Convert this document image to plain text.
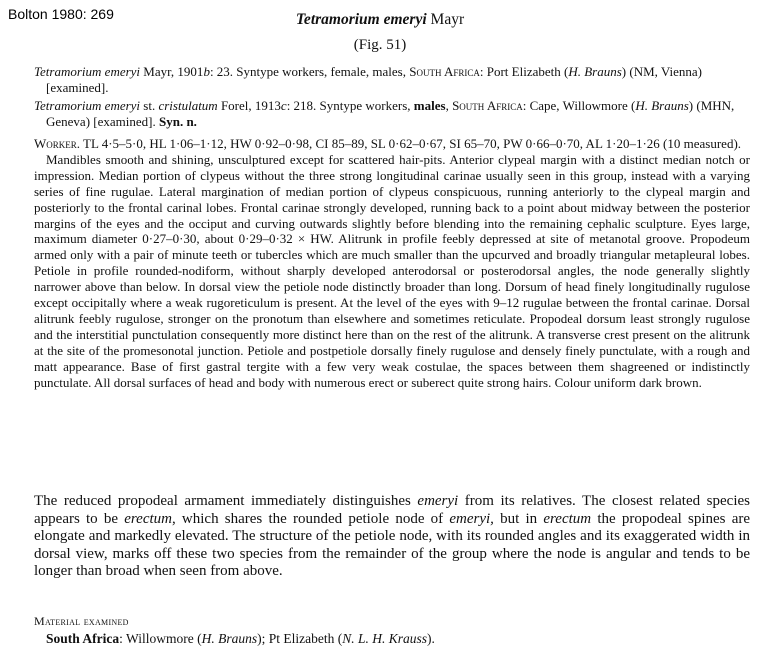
Bolton 1980: 269	Tetramorium emeryi Mayr
(Fig. 51)

Tetramorium emeryi Mayr, 1901b: 23. Syntype workers, female, males, South Africa: Port Elizabeth (H. Brauns) (NM, Vienna) [examined].

Tetramorium emeryi st. cristulatum Forel, 1913c: 218. Syntype workers, males, South Africa: Cape, Willowmore (H. Brauns) (MHN, Geneva) [examined]. Syn. n.

Worker. TL 4·5–5·0, HL 1·06–1·12, HW 0·92–0·98, CI 85–89, SL 0·62–0·67, SI 65–70, PW 0·66–0·70, AL 1·20–1·26 (10 measured).

Mandibles smooth and shining, unsculptured except for scattered hair-pits. Anterior clypeal margin with a distinct median notch or impression. Median portion of clypeus without the three strong longitudinal carinae usually seen in this group, instead with a varying series of fine rugulae. Lateral margination of median portion of clypeus conspicuous, running anteriorly to the clypeal margin and posteriorly to the frontal carinal lobes. Frontal carinae strongly developed, running back to a point about midway between the posterior margins of the eyes and the occiput and curving outwards slightly before blending into the remaining cephalic sculpture. Eyes large, maximum diameter 0·27–0·30, about 0·29–0·32 × HW. Alitrunk in profile feebly depressed at site of metanotal groove. Propodeum armed only with a pair of minute teeth or tubercles which are much smaller than the upcurved and broadly triangular metapleural lobes. Petiole in profile rounded-nodiform, without sharply developed anterodorsal or posterodorsal angles, the node generally slightly narrower above than below. In dorsal view the petiole node distinctly broader than long. Dorsum of head finely longitudinally rugulose except occipitally where a weak rugoreticulum is present. At the level of the eyes with 9–12 rugulae between the frontal carinae. Dorsal alitrunk feebly rugulose, stronger on the pronotum than elsewhere and sometimes reticulate. Propodeal dorsum least strongly rugulose and the interstitial punctulation consequently more distinct here than on the rest of the alitrunk. A transverse crest present on the alitrunk at the site of the promesonotal junction. Petiole and postpetiole dorsally finely rugulose and densely finely punctulate, with a rough and matt appearance. Base of first gastral tergite with a few very weak costulae, the spaces between them shagreened or indistinctly punctulate. All dorsal surfaces of head and body with numerous erect or suberect quite strong hairs. Colour uniform dark brown.

The reduced propodeal armament immediately distinguishes emeryi from its relatives. The closest related species appears to be erectum, which shares the rounded petiole node of emeryi, but in erectum the propodeal spines are elongate and markedly elevated. The structure of the petiole node, with its rounded angles and its exaggerated width in dorsal view, marks off these two species from the remainder of the group where the node is angular and tends to be longer than broad when seen from above.

Material examined
South Africa: Willowmore (H. Brauns); Pt Elizabeth (N. L. H. Krauss).
